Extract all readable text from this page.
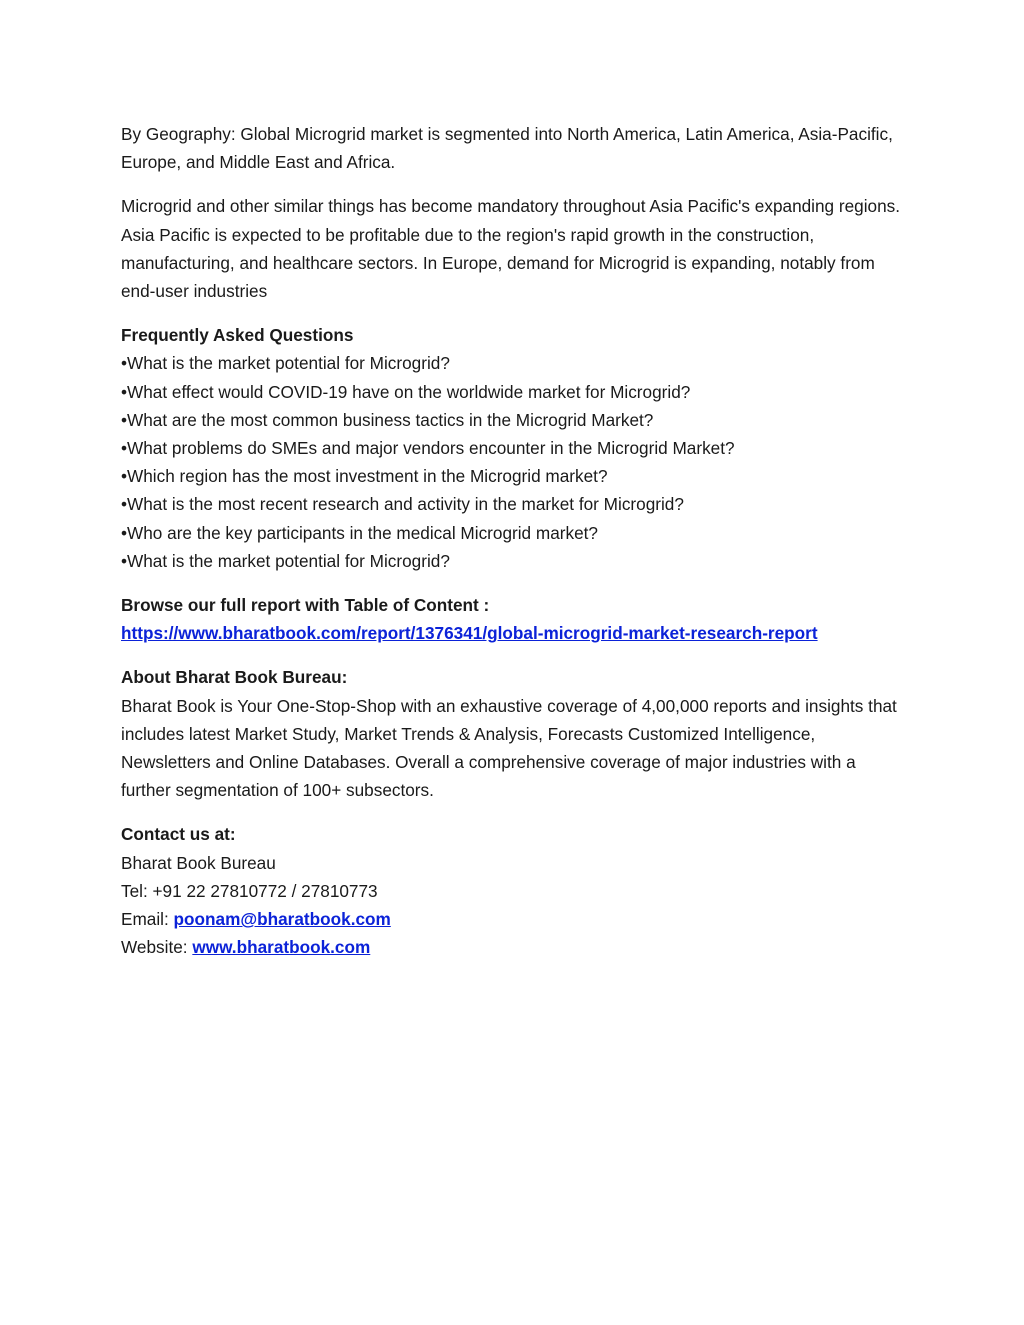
By Geography: Global Microgrid market is segmented into North America, Latin America, Asia-Pacific, Europe, and Middle East and Africa.

Microgrid and other similar things has become mandatory throughout Asia Pacific's expanding regions. Asia Pacific is expected to be profitable due to the region's rapid growth in the construction, manufacturing, and healthcare sectors. In Europe, demand for Microgrid is expanding, notably from end-user industries

Frequently Asked Questions

•What is the market potential for Microgrid?
•What effect would COVID-19 have on the worldwide market for Microgrid?
•What are the most common business tactics in the Microgrid Market?
•What problems do SMEs and major vendors encounter in the Microgrid Market?
•Which region has the most investment in the Microgrid market?
•What is the most recent research and activity in the market for Microgrid?
•Who are the key participants in the medical Microgrid market?
•What is the market potential for Microgrid?

Browse our full report with Table of Content :

https://www.bharatbook.com/report/1376341/global-microgrid-market-research-report

About Bharat Book Bureau:

Bharat Book is Your One-Stop-Shop with an exhaustive coverage of 4,00,000 reports and insights that includes latest Market Study, Market Trends & Analysis, Forecasts Customized Intelligence, Newsletters and Online Databases. Overall a comprehensive coverage of major industries with a further segmentation of 100+ subsectors.

Contact us at:

Bharat Book Bureau

Tel: +91 22 27810772 / 27810773

Email: poonam@bharatbook.com

Website: www.bharatbook.com
